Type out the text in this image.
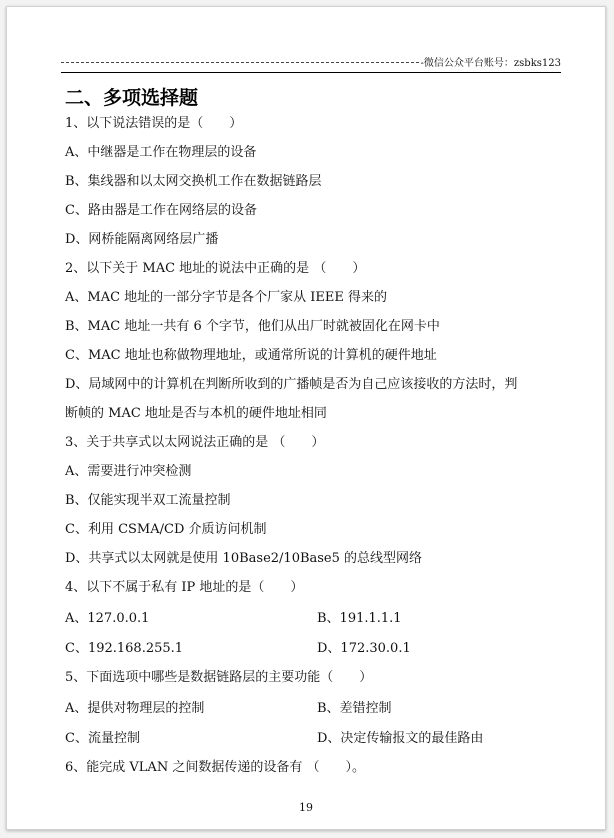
-微信公众平台账号：zsbks123
二、多项选择题
1、以下说法错误的是（　　）
A、中继器是工作在物理层的设备
B、集线器和以太网交换机工作在数据链路层
C、路由器是工作在网络层的设备
D、网桥能隔离网络层广播
2、以下关于 MAC 地址的说法中正确的是 （　　）
A、MAC 地址的一部分字节是各个厂家从 IEEE 得来的
B、MAC 地址一共有 6 个字节，他们从出厂时就被固化在网卡中
C、MAC 地址也称做物理地址，或通常所说的计算机的硬件地址
D、局域网中的计算机在判断所收到的广播帧是否为自己应该接收的方法时，判
断帧的 MAC 地址是否与本机的硬件地址相同
3、关于共享式以太网说法正确的是 （　　）
A、需要进行冲突检测
B、仅能实现半双工流量控制
C、利用 CSMA/CD 介质访问机制
D、共享式以太网就是使用 10Base2/10Base5 的总线型网络
4、以下不属于私有 IP 地址的是（　　）
A、127.0.0.1	B、191.1.1.1
C、192.168.255.1	D、172.30.0.1
5、下面选项中哪些是数据链路层的主要功能（　　）
A、提供对物理层的控制	B、差错控制
C、流量控制	D、决定传输报文的最佳路由
6、能完成 VLAN 之间数据传递的设备有 （　　）。
19
